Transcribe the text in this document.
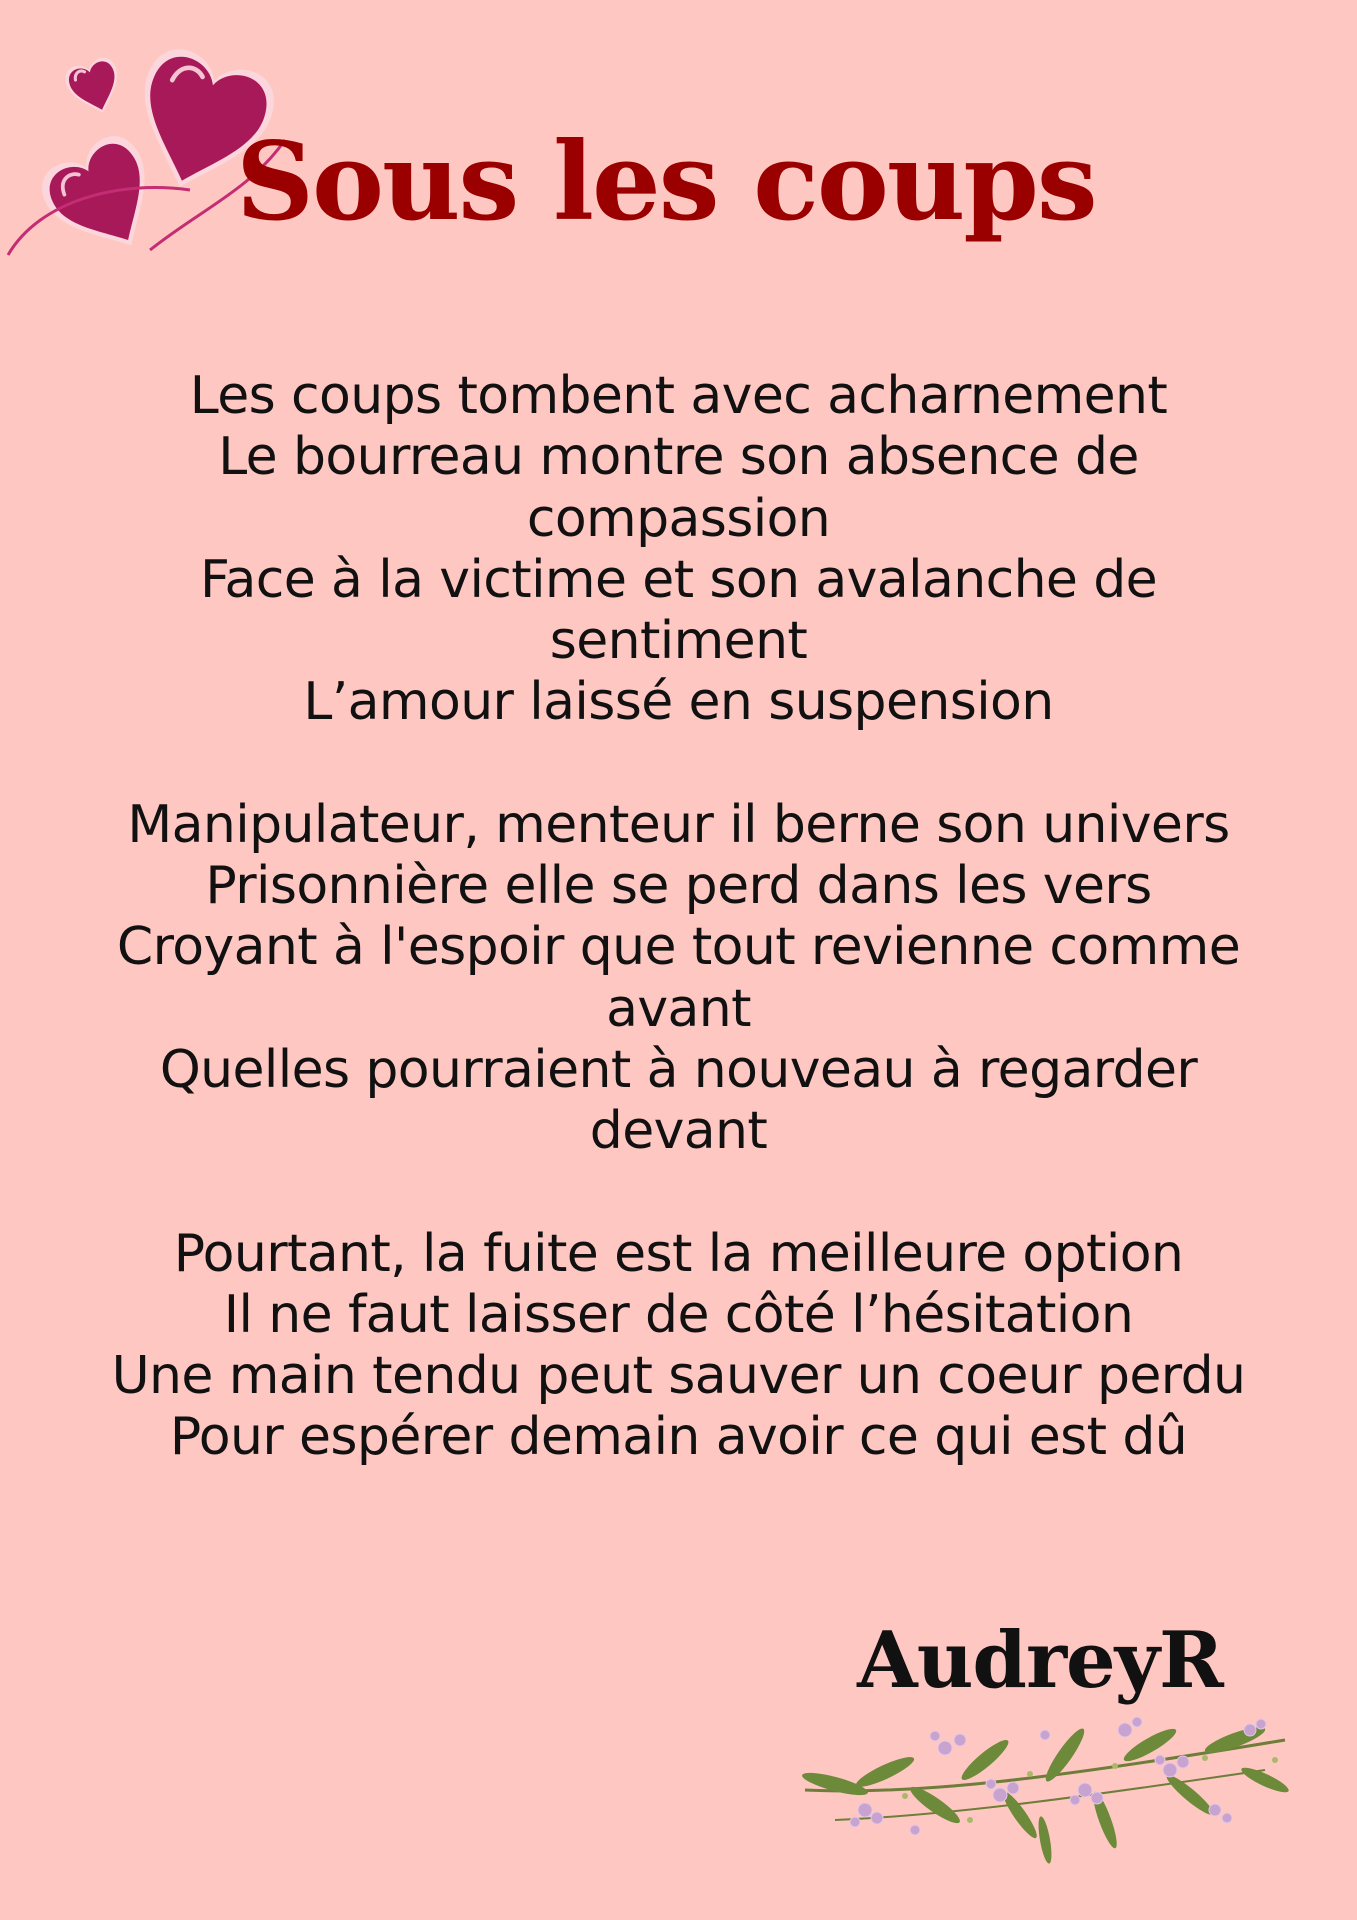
Sous les coups
Les coups tombent avec acharnement
Le bourreau montre son absence de
compassion
Face à la victime et son avalanche de
sentiment
L’amour laissé en suspension
Manipulateur, menteur il berne son univers
Prisonnière elle se perd dans les vers
Croyant à l'espoir que tout revienne comme
avant
Quelles pourraient à nouveau à regarder
devant
Pourtant, la fuite est la meilleure option
Il ne faut laisser de côté l’hésitation
Une main tendu peut sauver un coeur perdu
Pour espérer demain avoir ce qui est dû
AudreyR
